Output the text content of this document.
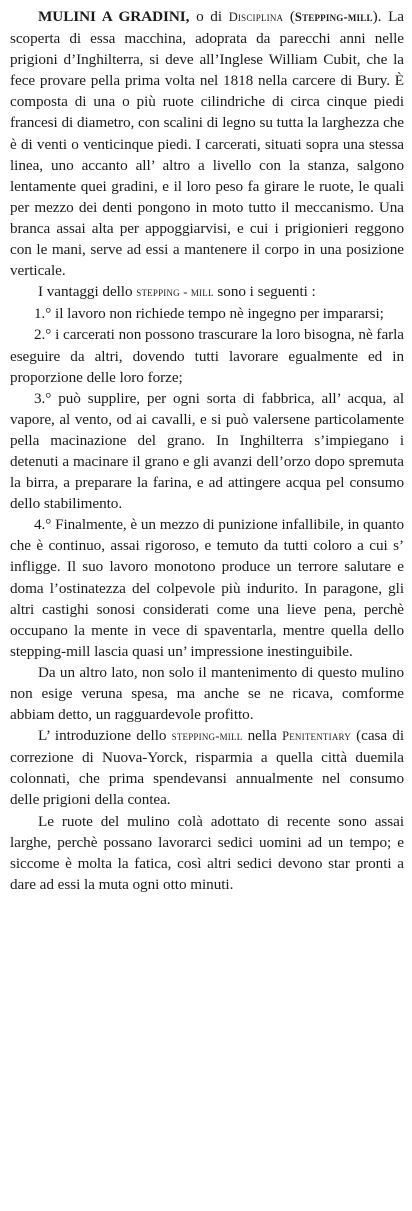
MULINI A GRADINI, o di Disciplina (Stepping-mill). La scoperta di essa macchina, adoprata da parecchi anni nelle prigioni d’Inghilterra, si deve all’Inglese William Cubit, che la fece provare pella prima volta nel 1818 nella carcere di Bury. È composta di una o più ruote cilindriche di circa cinque piedi francesi di diametro, con scalini di legno su tutta la larghezza che è di venti o venticinque piedi. I carcerati, situati sopra una stessa linea, uno accanto all’ altro a livello con la stanza, salgono lentamente quei gradini, e il loro peso fa girare le ruote, le quali per mezzo dei denti pongono in moto tutto il meccanismo. Una branca assai alta per appoggiarvisi, e cui i prigionieri reggono con le mani, serve ad essi a mantenere il corpo in una posizione verticale.

I vantaggi dello stepping - mill sono i seguenti :

1.° il lavoro non richiede tempo nè ingegno per impararsi;

2.° i carcerati non possono trascurare la loro bisogna, nè farla eseguire da altri, dovendo tutti lavorare egualmente ed in proporzione delle loro forze;

3.° può supplire, per ogni sorta di fabbrica, all’ acqua, al vapore, al vento, od ai cavalli, e si può valersene particolamente pella macinazione del grano. In Inghilterra s’impiegano i detenuti a macinare il grano e gli avanzi dell’orzo dopo spremuta la birra, a preparare la farina, e ad attingere acqua pel consumo dello stabilimento.

4.° Finalmente, è un mezzo di punizione infallibile, in quanto che è continuo, assai rigoroso, e temuto da tutti coloro a cui s’ infligge. Il suo lavoro monotono produce un terrore salutare e doma l’ostinatezza del colpevole più indurito. In paragone, gli altri castighi sonosi considerati come una lieve pena, perchè occupano la mente in vece di spaventarla, mentre quella dello stepping-mill lascia quasi un’ impressione inestinguibile.

Da un altro lato, non solo il mantenimento di questo mulino non esige veruna spesa, ma anche se ne ricava, comforme abbiam detto, un ragguardevole profitto.

L’ introduzione dello stepping-mill nella Penitentiary (casa di correzione di Nuova-Yorck, risparmia a quella città duemila colonnati, che prima spendevansi annualmente nel consumo delle prigioni della contea.

Le ruote del mulino colà adottato di recente sono assai larghe, perchè possano lavorarci sedici uomini ad un tempo; e siccome è molta la fatica, così altri sedici devono star pronti a dare ad essi la muta ogni otto minuti.
